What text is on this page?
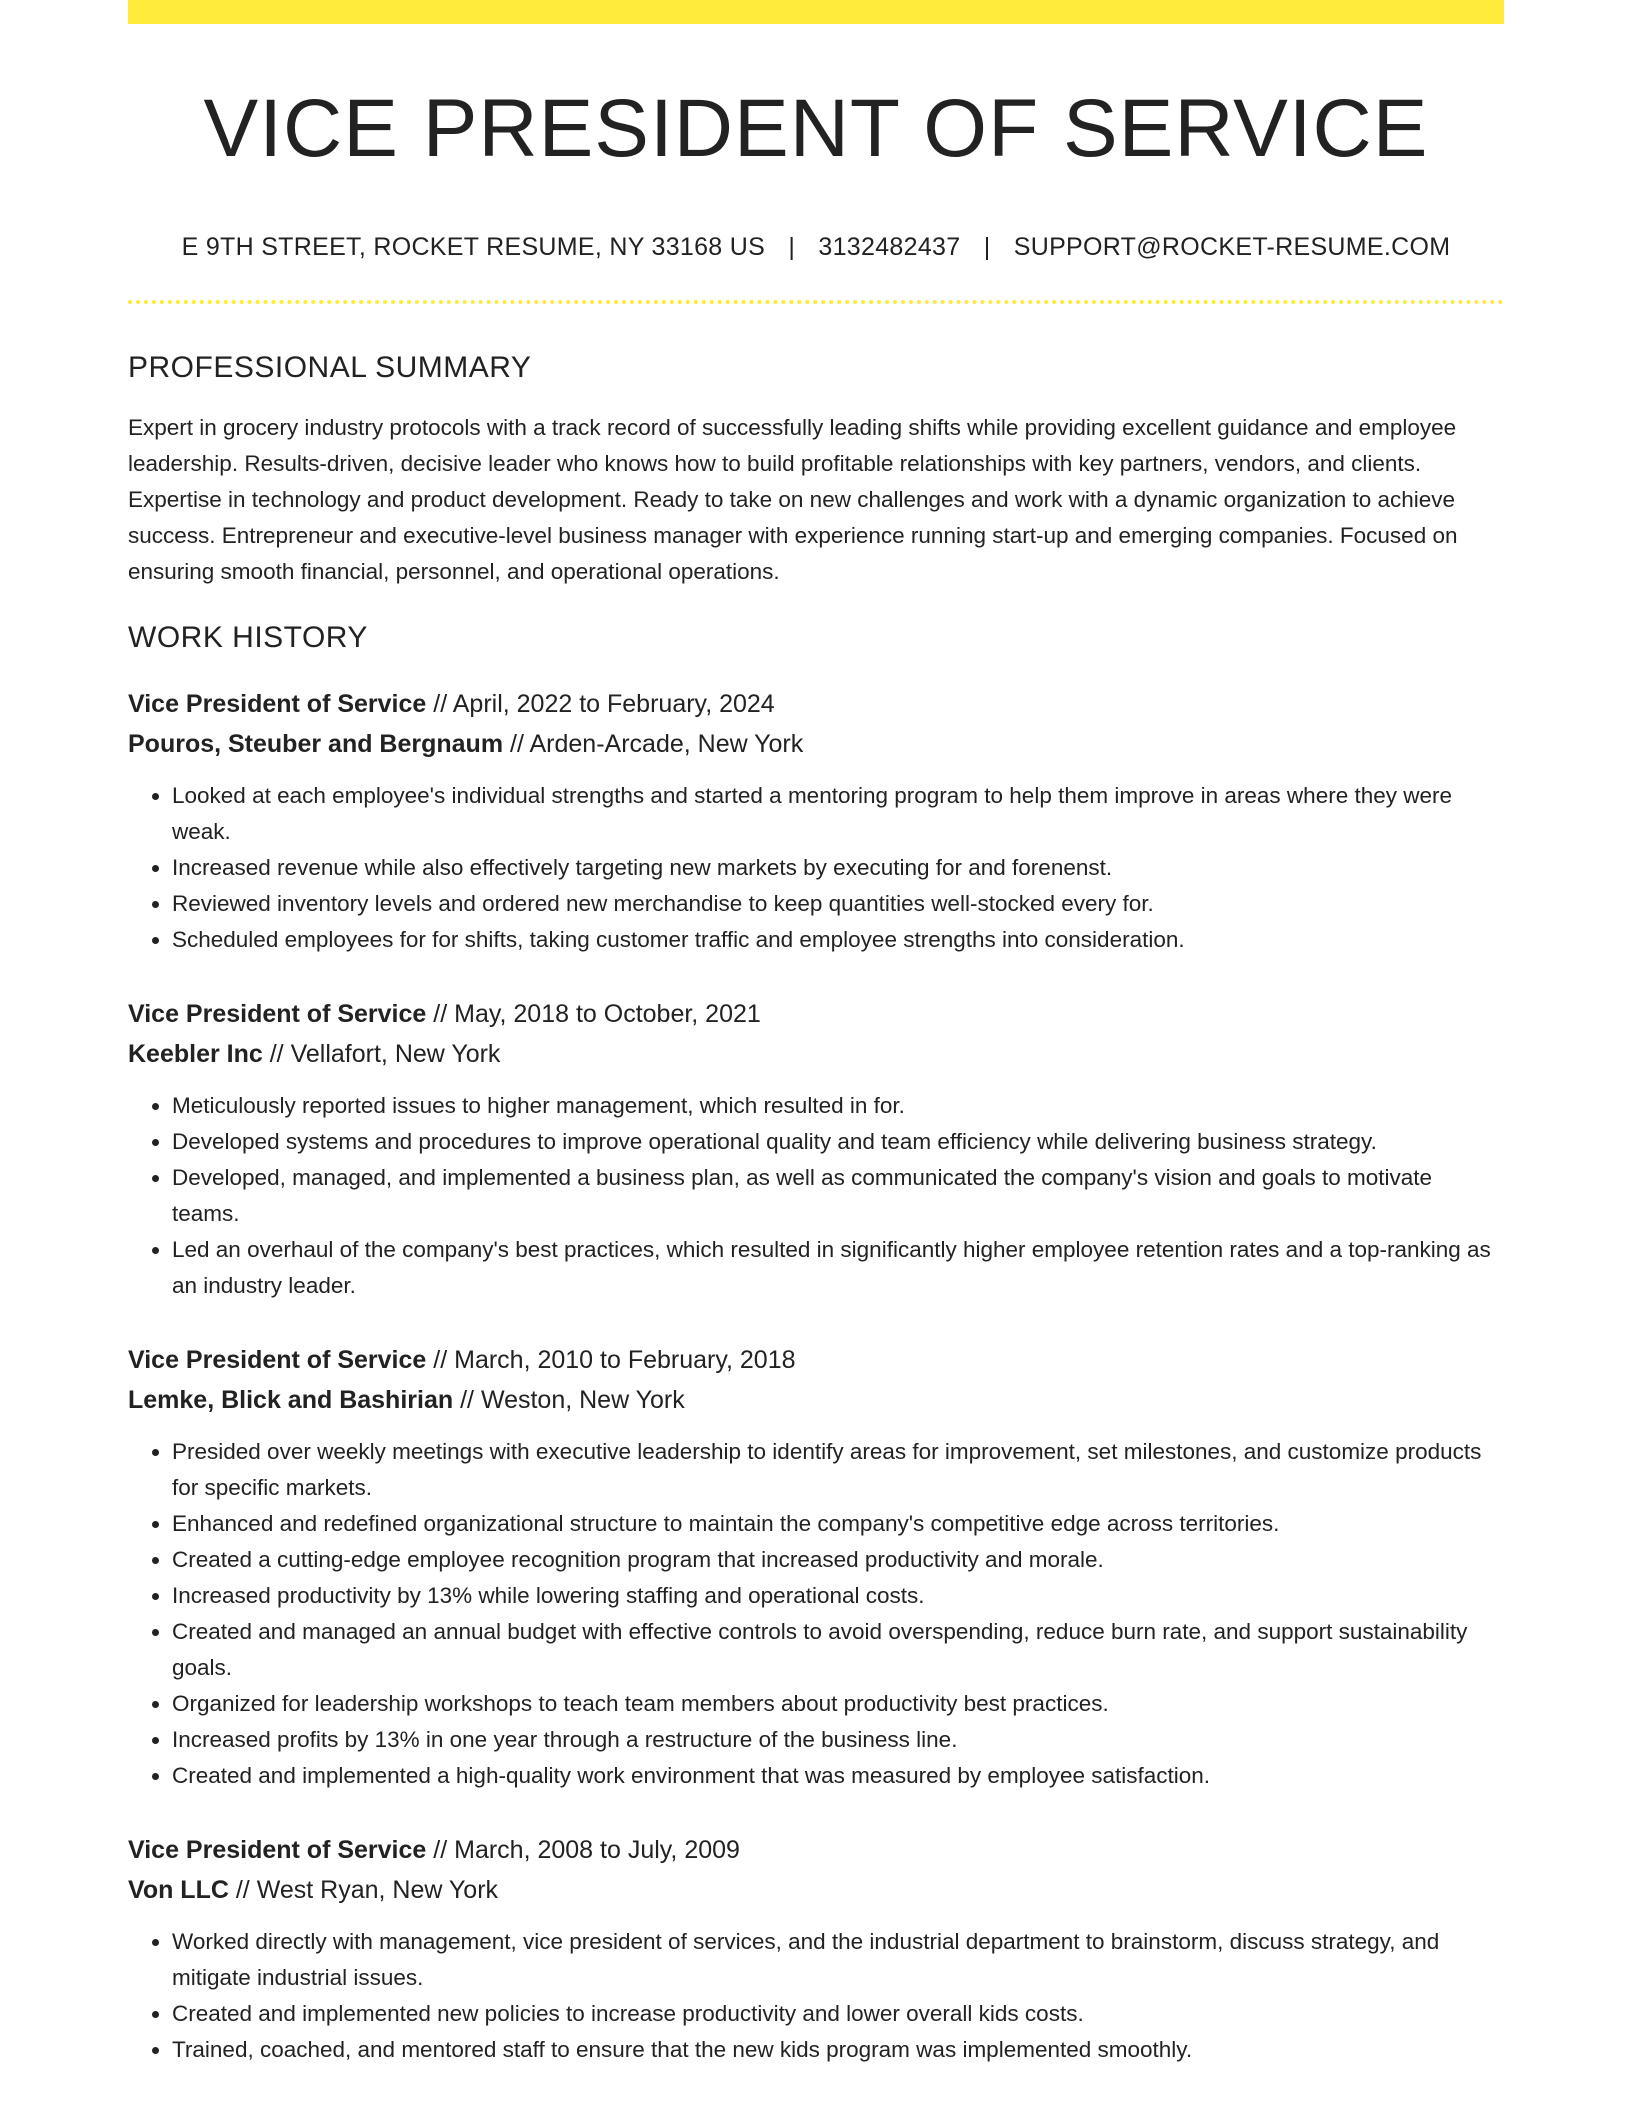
VICE PRESIDENT OF SERVICE
E 9TH STREET, ROCKET RESUME, NY 33168 US | 3132482437 | SUPPORT@ROCKET-RESUME.COM
PROFESSIONAL SUMMARY
Expert in grocery industry protocols with a track record of successfully leading shifts while providing excellent guidance and employee leadership. Results-driven, decisive leader who knows how to build profitable relationships with key partners, vendors, and clients. Expertise in technology and product development. Ready to take on new challenges and work with a dynamic organization to achieve success. Entrepreneur and executive-level business manager with experience running start-up and emerging companies. Focused on ensuring smooth financial, personnel, and operational operations.
WORK HISTORY
Vice President of Service // April, 2022 to February, 2024
Pouros, Steuber and Bergnaum // Arden-Arcade, New York
• Looked at each employee's individual strengths and started a mentoring program to help them improve in areas where they were weak.
• Increased revenue while also effectively targeting new markets by executing for and forenenst.
• Reviewed inventory levels and ordered new merchandise to keep quantities well-stocked every for.
• Scheduled employees for for shifts, taking customer traffic and employee strengths into consideration.
Vice President of Service // May, 2018 to October, 2021
Keebler Inc // Vellafort, New York
• Meticulously reported issues to higher management, which resulted in for.
• Developed systems and procedures to improve operational quality and team efficiency while delivering business strategy.
• Developed, managed, and implemented a business plan, as well as communicated the company's vision and goals to motivate teams.
• Led an overhaul of the company's best practices, which resulted in significantly higher employee retention rates and a top-ranking as an industry leader.
Vice President of Service // March, 2010 to February, 2018
Lemke, Blick and Bashirian // Weston, New York
• Presided over weekly meetings with executive leadership to identify areas for improvement, set milestones, and customize products for specific markets.
• Enhanced and redefined organizational structure to maintain the company's competitive edge across territories.
• Created a cutting-edge employee recognition program that increased productivity and morale.
• Increased productivity by 13% while lowering staffing and operational costs.
• Created and managed an annual budget with effective controls to avoid overspending, reduce burn rate, and support sustainability goals.
• Organized for leadership workshops to teach team members about productivity best practices.
• Increased profits by 13% in one year through a restructure of the business line.
• Created and implemented a high-quality work environment that was measured by employee satisfaction.
Vice President of Service // March, 2008 to July, 2009
Von LLC // West Ryan, New York
• Worked directly with management, vice president of services, and the industrial department to brainstorm, discuss strategy, and mitigate industrial issues.
• Created and implemented new policies to increase productivity and lower overall kids costs.
• Trained, coached, and mentored staff to ensure that the new kids program was implemented smoothly.
